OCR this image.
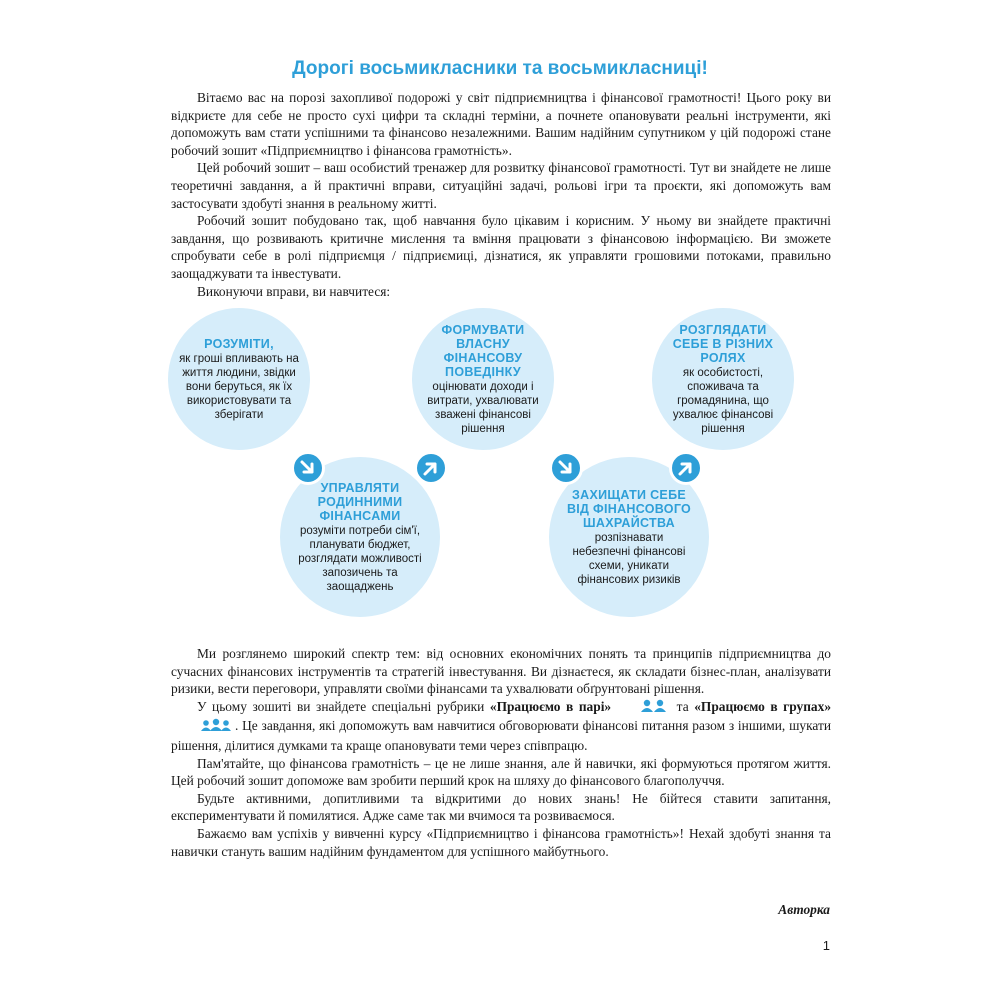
Дорогі восьмикласники та восьмикласниці!

Вітаємо вас на порозі захопливої подорожі у світ підприємництва і фінансової грамотності! Цього року ви відкриєте для себе не просто сухі цифри та складні терміни, а почнете опановувати реальні інструменти, які допоможуть вам стати успішними та фінансово незалежними. Вашим надійним супутником у цій подорожі стане робочий зошит «Підприємництво і фінансова грамотність».

Цей робочий зошит – ваш особистий тренажер для розвитку фінансової грамотності. Тут ви знайдете не лише теоретичні завдання, а й практичні вправи, ситуаційні задачі, рольові ігри та проєкти, які допоможуть вам застосувати здобуті знання в реальному житті.

Робочий зошит побудовано так, щоб навчання було цікавим і корисним. У ньому ви знайдете практичні завдання, що розвивають критичне мислення та вміння працювати з фінансовою інформацією. Ви зможете спробувати себе в ролі підприємця / підприємиці, дізнатися, як управляти грошовими потоками, правильно заощаджувати та інвестувати.

Виконуючи вправи, ви навчитеся:

РОЗУМІТИ,
як гроші впливають на життя людини, звідки вони беруться, як їх використовувати та зберігати
ФОРМУВАТИ ВЛАСНУ ФІНАНСОВУ ПОВЕДІНКУ
оцінювати доходи і витрати, ухвалювати зважені фінансові рішення
РОЗГЛЯДАТИ СЕБЕ В РІЗНИХ РОЛЯХ
як особистості, споживача та громадянина, що ухвалює фінансові рішення
УПРАВЛЯТИ РОДИННИМИ ФІНАНСАМИ
розуміти потреби сім'ї, планувати бюджет, розглядати можливості запозичень та заощаджень
ЗАХИЩАТИ СЕБЕ ВІД ФІНАНСОВОГО ШАХРАЙСТВА
розпізнавати небезпечні фінансові схеми, уникати фінансових ризиків

Ми розглянемо широкий спектр тем: від основних економічних понять та принципів підприємництва до сучасних фінансових інструментів та стратегій інвестування. Ви дізнаєтеся, як складати бізнес-план, аналізувати ризики, вести переговори, управляти своїми фінансами та ухвалювати обґрунтовані рішення.

У цьому зошиті ви знайдете спеціальні рубрики «Працюємо в парі»	та «Працюємо в групах». Це завдання, які допоможуть вам навчитися обговорювати фінансові питання разом з іншими, шукати рішення, ділитися думками та краще опановувати теми через співпрацю.

Пам'ятайте, що фінансова грамотність – це не лише знання, але й навички, які формуються протягом життя. Цей робочий зошит допоможе вам зробити перший крок на шляху до фінансового благополуччя.

Будьте активними, допитливими та відкритими до нових знань! Не бійтеся ставити запитання, експериментувати й помилятися. Адже саме так ми вчимося та розвиваємося.

Бажаємо вам успіхів у вивченні курсу «Підприємництво і фінансова грамотність»! Нехай здобуті знання та навички стануть вашим надійним фундаментом для успішного майбутнього.

Авторка
1
